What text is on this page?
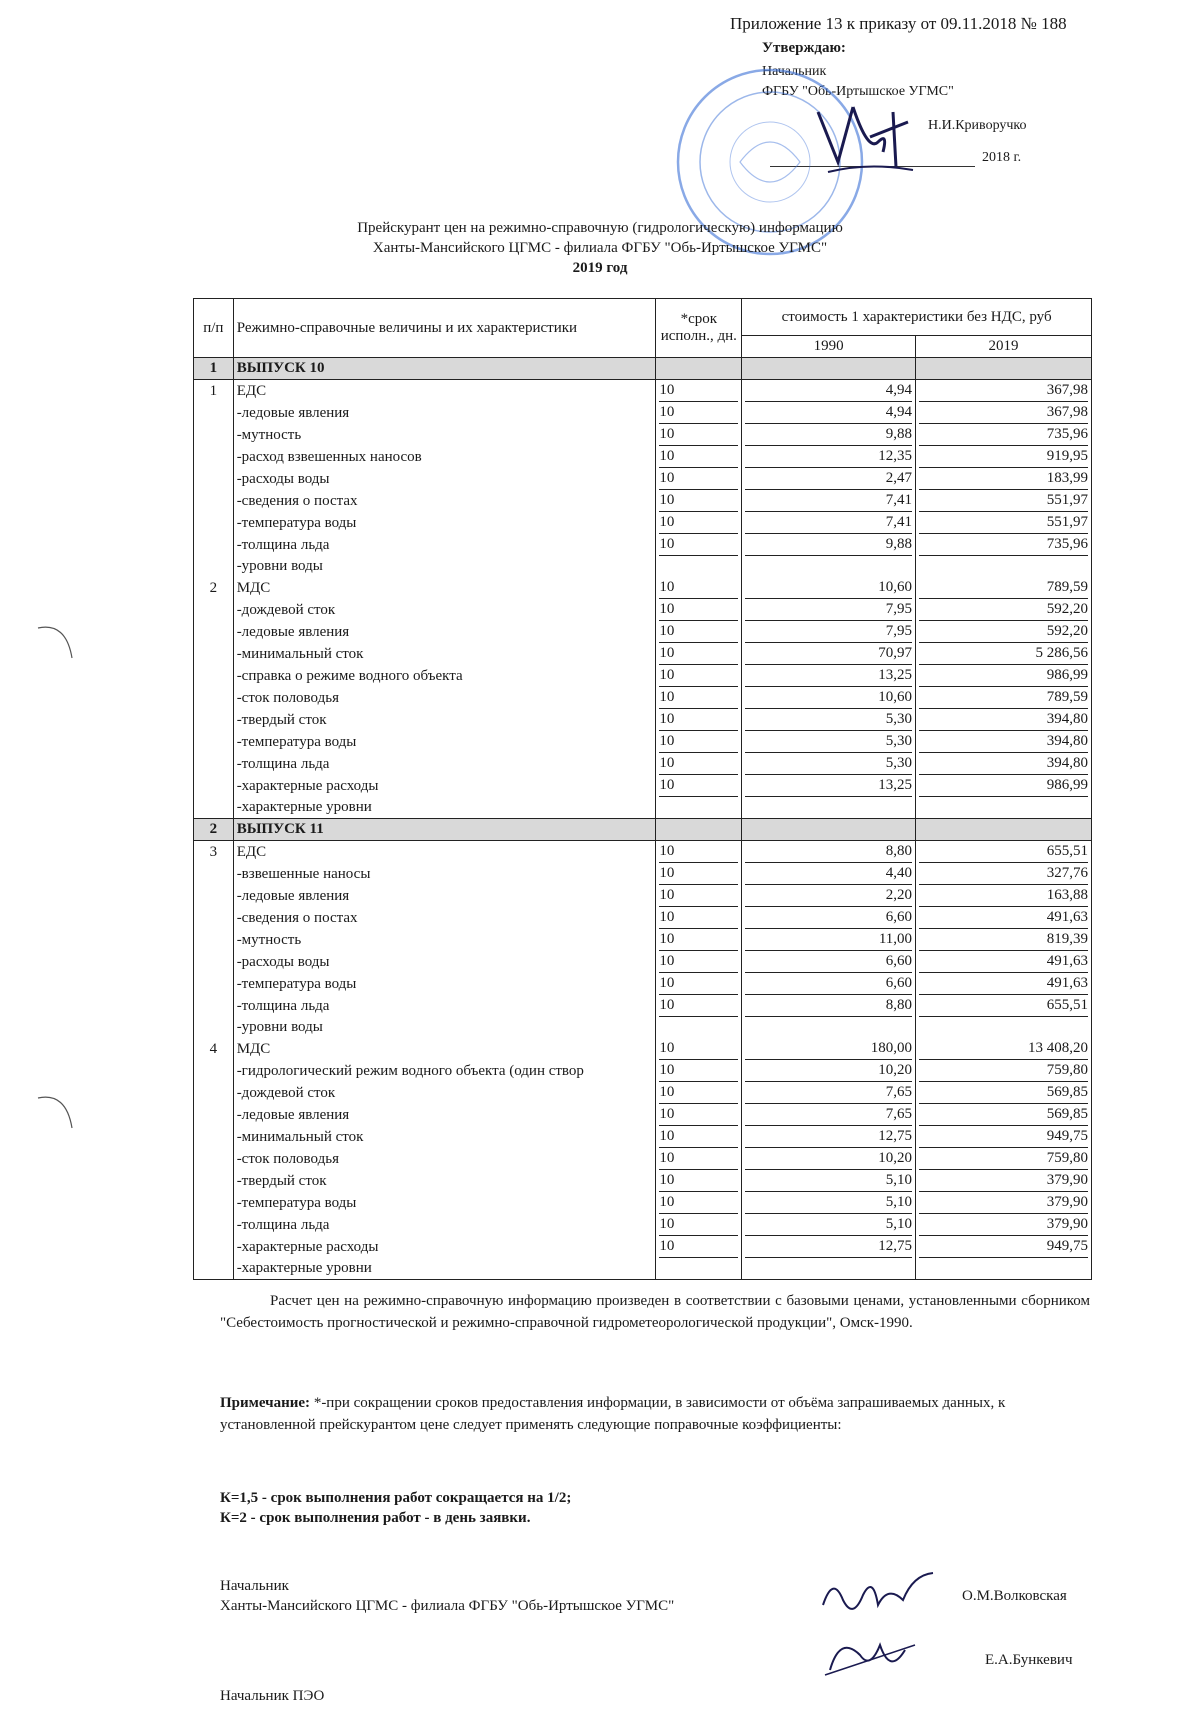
Приложение 13 к приказу от 09.11.2018 № 188
Утверждаю:
Начальник
ФГБУ "Обь-Иртышское УГМС"
Н.И.Криворучко
2018 г.
Прейскурант цен на режимно-справочную (гидрологическую) информацию
Ханты-Мансийского ЦГМС - филиала ФГБУ "Обь-Иртышское УГМС"
2019 год
п/п	Режимно-справочные величины и их характеристики	*срок исполн., дн.	стоимость 1 характеристики без НДС, руб	
			1990	2019
1	ВЫПУСК 10			
1	ЕДС	10	4,94	367,98
	-ледовые явления	10	4,94	367,98
	-мутность	10	9,88	735,96
	-расход взвешенных наносов	10	12,35	919,95
	-расходы воды	10	2,47	183,99
	-сведения о постах	10	7,41	551,97
	-температура воды	10	7,41	551,97
	-толщина льда	10	9,88	735,96
	-уровни воды			
2	МДС	10	10,60	789,59
	-дождевой сток	10	7,95	592,20
	-ледовые явления	10	7,95	592,20
	-минимальный сток	10	70,97	5 286,56
	-справка о режиме водного объекта	10	13,25	986,99
	-сток половодья	10	10,60	789,59
	-твердый сток	10	5,30	394,80
	-температура воды	10	5,30	394,80
	-толщина льда	10	5,30	394,80
	-характерные расходы	10	13,25	986,99
	-характерные уровни			
2	ВЫПУСК 11			
3	ЕДС	10	8,80	655,51
	-взвешенные наносы	10	4,40	327,76
	-ледовые явления	10	2,20	163,88
	-сведения о постах	10	6,60	491,63
	-мутность	10	11,00	819,39
	-расходы воды	10	6,60	491,63
	-температура воды	10	6,60	491,63
	-толщина льда	10	8,80	655,51
	-уровни воды			
4	МДС	10	180,00	13 408,20
	-гидрологический режим водного объекта (один створ	10	10,20	759,80
	-дождевой сток	10	7,65	569,85
	-ледовые явления	10	7,65	569,85
	-минимальный сток	10	12,75	949,75
	-сток половодья	10	10,20	759,80
	-твердый сток	10	5,10	379,90
	-температура воды	10	5,10	379,90
	-толщина льда	10	5,10	379,90
	-характерные расходы	10	12,75	949,75
	-характерные уровни			
Расчет цен на режимно-справочную информацию произведен в соответствии с базовыми ценами, установленными сборником "Себестоимость прогностической и режимно-справочной гидрометеорологической продукции", Омск-1990.
Примечание: *-при сокращении сроков предоставления информации, в зависимости от объёма запрашиваемых данных, к установленной прейскурантом цене следует применять следующие поправочные коэффициенты:
К=1,5 - срок выполнения работ сокращается на 1/2;
К=2 - срок выполнения работ - в день заявки.
Начальник
Ханты-Мансийского ЦГМС - филиала ФГБУ "Обь-Иртышское УГМС"
О.М.Волковская
Е.А.Бункевич
Начальник ПЭО
